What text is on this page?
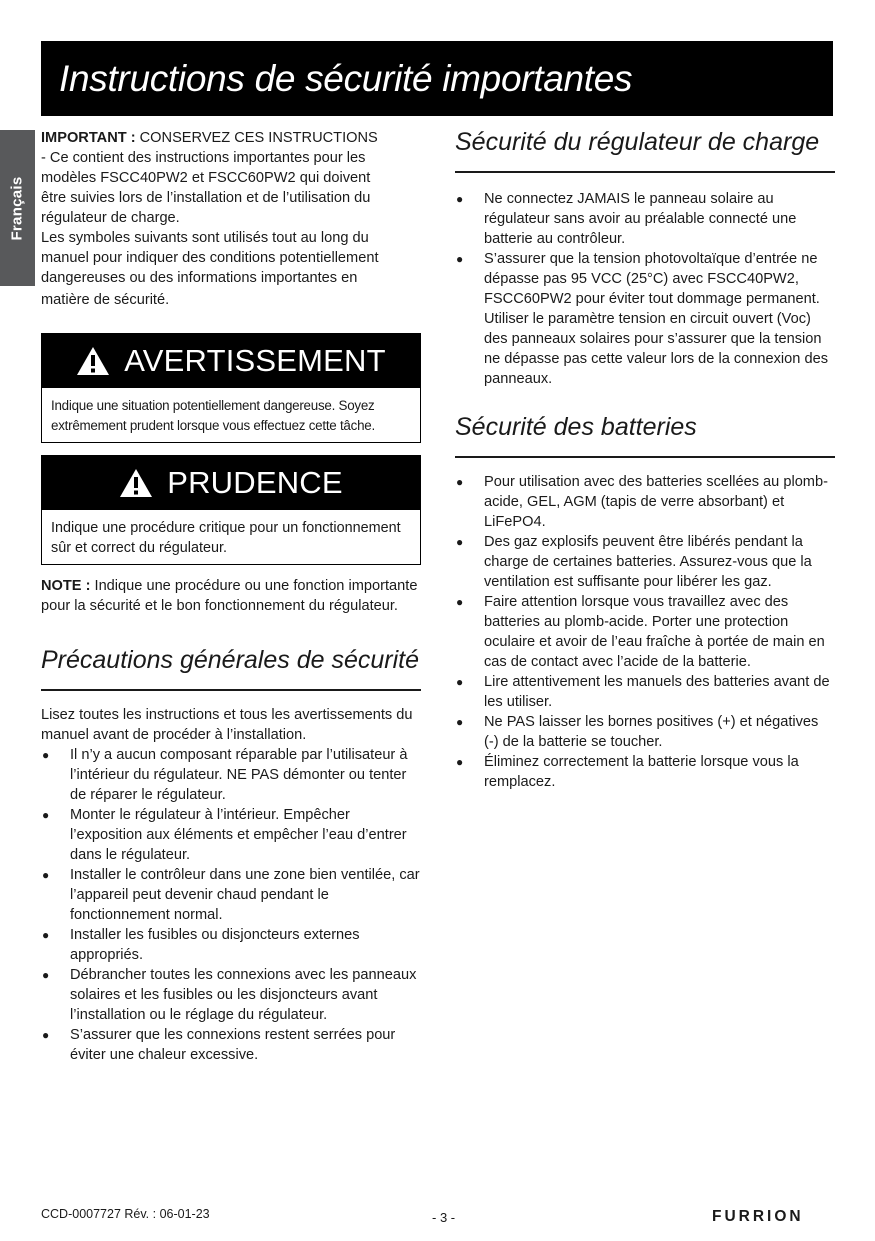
Instructions de sécurité importantes
Français

IMPORTANT : CONSERVEZ CES INSTRUCTIONS

- Ce contient des instructions importantes pour les

modèles FSCC40PW2 et FSCC60PW2 qui doivent

être suivies lors de l’installation et de l’utilisation du

régulateur de charge.

Les symboles suivants sont utilisés tout au long du

manuel pour indiquer des conditions potentiellement

dangereuses ou des informations importantes en

matière de sécurité.

AVERTISSEMENT
Indique une situation potentiellement dangereuse. Soyez extrêmement prudent lorsque vous effectuez cette tâche.
PRUDENCE
Indique une procédure critique pour un fonctionnement sûr et correct du régulateur.

NOTE : Indique une procédure ou une fonction importante pour la sécurité et le bon fonctionnement du régulateur.

Précautions générales de sécurité

Lisez toutes les instructions et tous les avertissements du manuel avant de procéder à l’installation.

● Il n’y a aucun composant réparable par l’utilisateur à l’intérieur du régulateur. NE PAS démonter ou tenter de réparer le régulateur.
● Monter le régulateur à l’intérieur. Empêcher l’exposition aux éléments et empêcher l’eau d’entrer dans le régulateur.
● Installer le contrôleur dans une zone bien ventilée, car l’appareil peut devenir chaud pendant le fonctionnement normal.
● Installer les fusibles ou disjoncteurs externes appropriés.
● Débrancher toutes les connexions avec les panneaux solaires et les fusibles ou les disjoncteurs avant l’installation ou le réglage du régulateur.
● S’assurer que les connexions restent serrées pour éviter une chaleur excessive.
Sécurité du régulateur de charge
● Ne connectez JAMAIS le panneau solaire au régulateur sans avoir au préalable connecté une batterie au contrôleur.
● S’assurer que la tension photovoltaïque d’entrée ne dépasse pas 95 VCC (25°C) avec FSCC40PW2, FSCC60PW2 pour éviter tout dommage permanent. Utiliser le paramètre tension en circuit ouvert (Voc) des panneaux solaires pour s’assurer que la tension ne dépasse pas cette valeur lors de la connexion des panneaux.
Sécurité des batteries
● Pour utilisation avec des batteries scellées au plomb-acide, GEL, AGM (tapis de verre absorbant) et LiFePO4.
● Des gaz explosifs peuvent être libérés pendant la charge de certaines batteries. Assurez-vous que la ventilation est suffisante pour libérer les gaz.
● Faire attention lorsque vous travaillez avec des batteries au plomb-acide. Porter une protection oculaire et avoir de l’eau fraîche à portée de main en cas de contact avec l’acide de la batterie.
● Lire attentivement les manuels des batteries avant de les utiliser.
● Ne PAS laisser les bornes positives (+) et négatives (-) de la batterie se toucher.
● Éliminez correctement la batterie lorsque vous la remplacez.
CCD-0007727 Rév. : 06-01-23	- 3 -	FURRION
